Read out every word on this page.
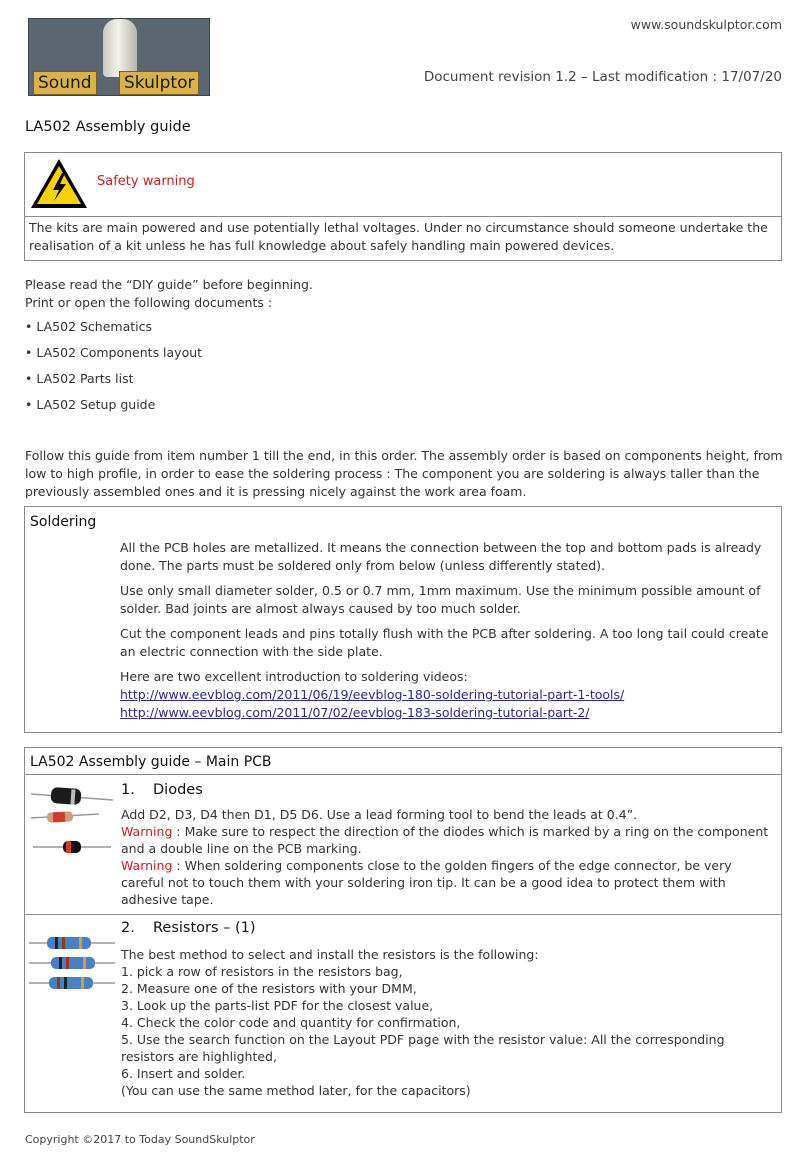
www.soundskulptor.com
Sound Skulptor	Document revision 1.2 – Last modification : 17/07/20
LA502 Assembly guide
Safety warning
The kits are main powered and use potentially lethal voltages. Under no circumstance should someone undertake the realisation of a kit unless he has full knowledge about safely handling main powered devices.
Please read the “DIY guide” before beginning.
Print or open the following documents :
• LA502 Schematics
• LA502 Components layout
• LA502 Parts list
• LA502 Setup guide
Follow this guide from item number 1 till the end, in this order. The assembly order is based on components height, from low to high profile, in order to ease the soldering process : The component you are soldering is always taller than the previously assembled ones and it is pressing nicely against the work area foam.
Soldering

All the PCB holes are metallized. It means the connection between the top and bottom pads is already done. The parts must be soldered only from below (unless differently stated).

Use only small diameter solder, 0.5 or 0.7 mm, 1mm maximum. Use the minimum possible amount of solder. Bad joints are almost always caused by too much solder.

Cut the component leads and pins totally flush with the PCB after soldering. A too long tail could create an electric connection with the side plate.

Here are two excellent introduction to soldering videos:

http://www.eevblog.com/2011/06/19/eevblog-180-soldering-tutorial-part-1-tools/
http://www.eevblog.com/2011/07/02/eevblog-183-soldering-tutorial-part-2/
LA502 Assembly guide – Main PCB
1. Diodes
Add D2, D3, D4 then D1, D5 D6. Use a lead forming tool to bend the leads at 0.4”.
Warning : Make sure to respect the direction of the diodes which is marked by a ring on the component and a double line on the PCB marking.
Warning : When soldering components close to the golden fingers of the edge connector, be very careful not to touch them with your soldering iron tip. It can be a good idea to protect them with adhesive tape.
2. Resistors – (1)
The best method to select and install the resistors is the following:
1. pick a row of resistors in the resistors bag,
2. Measure one of the resistors with your DMM,
3. Look up the parts-list PDF for the closest value,
4. Check the color code and quantity for confirmation,
5. Use the search function on the Layout PDF page with the resistor value: All the corresponding resistors are highlighted,
6. Insert and solder.
(You can use the same method later, for the capacitors)
Copyright ©2017 to Today SoundSkulptor
